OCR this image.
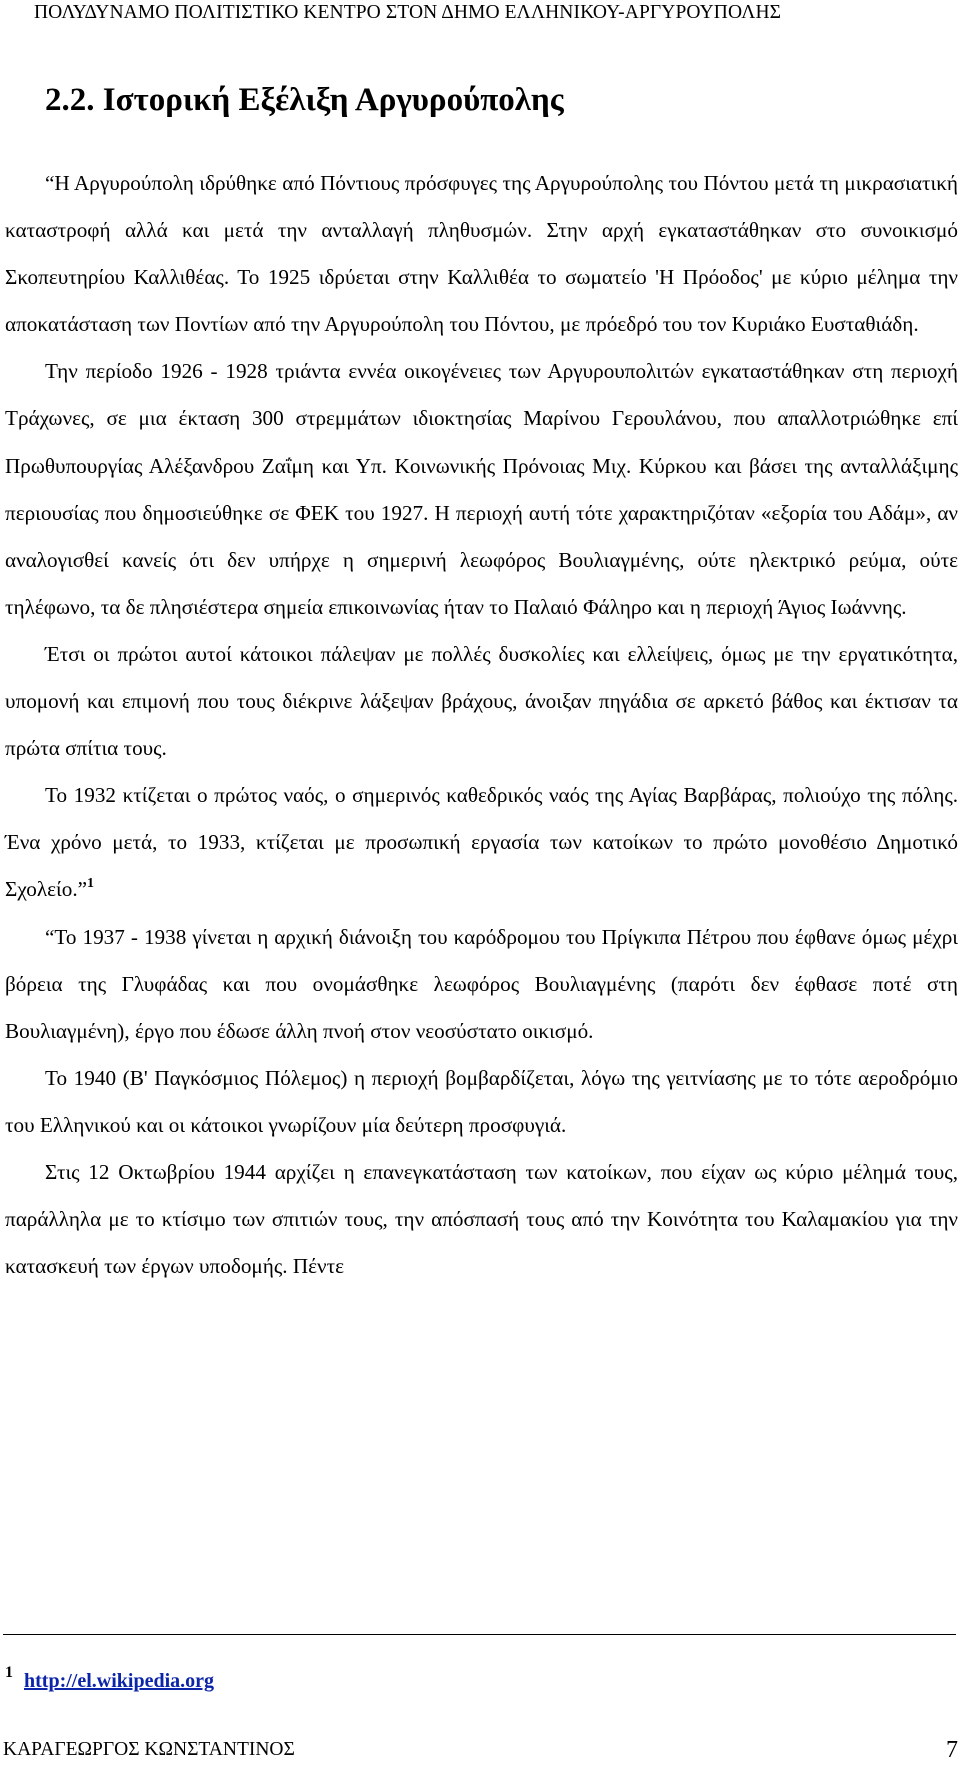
ΠΟΛΥΔΥΝΑΜΟ ΠΟΛΙΤΙΣΤΙΚΟ ΚΕΝΤΡΟ ΣΤΟΝ ΔΗΜΟ ΕΛΛΗΝΙΚΟΥ-ΑΡΓΥΡΟΥΠΟΛΗΣ
2.2. Ιστορική Εξέλιξη Αργυρούπολης

“Η Αργυρούπολη ιδρύθηκε από Πόντιους πρόσφυγες της Αργυρούπολης του Πόντου μετά τη μικρασιατική καταστροφή αλλά και μετά την ανταλλαγή πληθυσμών. Στην αρχή εγκαταστάθηκαν στο συνοικισμό Σκοπευτηρίου Καλλιθέας. Το 1925 ιδρύεται στην Καλλιθέα το σωματείο 'Η Πρόοδος' με κύριο μέλημα την αποκατάσταση των Ποντίων από την Αργυρούπολη του Πόντου, με πρόεδρό του τον Κυριάκο Ευσταθιάδη.

Την περίοδο 1926 - 1928 τριάντα εννέα οικογένειες των Αργυρουπολιτών εγκαταστάθηκαν στη περιοχή Τράχωνες, σε μια έκταση 300 στρεμμάτων ιδιοκτησίας Μαρίνου Γερουλάνου, που απαλλοτριώθηκε επί Πρωθυπουργίας Αλέξανδρου Ζαΐμη και Υπ. Κοινωνικής Πρόνοιας Μιχ. Κύρκου και βάσει της ανταλλάξιμης περιουσίας που δημοσιεύθηκε σε ΦΕΚ του 1927. Η περιοχή αυτή τότε χαρακτηριζόταν «εξορία του Αδάμ», αν αναλογισθεί κανείς ότι δεν υπήρχε η σημερινή λεωφόρος Βουλιαγμένης, ούτε ηλεκτρικό ρεύμα, ούτε τηλέφωνο, τα δε πλησιέστερα σημεία επικοινωνίας ήταν το Παλαιό Φάληρο και η περιοχή Άγιος Ιωάννης.

Έτσι οι πρώτοι αυτοί κάτοικοι πάλεψαν με πολλές δυσκολίες και ελλείψεις, όμως με την εργατικότητα, υπομονή και επιμονή που τους διέκρινε λάξεψαν βράχους, άνοιξαν πηγάδια σε αρκετό βάθος και έκτισαν τα πρώτα σπίτια τους.

Το 1932 κτίζεται ο πρώτος ναός, ο σημερινός καθεδρικός ναός της Αγίας Βαρβάρας, πολιούχο της πόλης. Ένα χρόνο μετά, το 1933, κτίζεται με προσωπική εργασία των κατοίκων το πρώτο μονοθέσιο Δημοτικό Σχολείο.”$^1$

“Το 1937 - 1938 γίνεται η αρχική διάνοιξη του καρόδρομου του Πρίγκιπα Πέτρου που έφθανε όμως μέχρι βόρεια της Γλυφάδας και που ονομάσθηκε λεωφόρος Βουλιαγμένης (παρότι δεν έφθασε ποτέ στη Βουλιαγμένη), έργο που έδωσε άλλη πνοή στον νεοσύστατο οικισμό.

Το 1940 (Β' Παγκόσμιος Πόλεμος) η περιοχή βομβαρδίζεται, λόγω της γειτνίασης με το τότε αεροδρόμιο του Ελληνικού και οι κάτοικοι γνωρίζουν μία δεύτερη προσφυγιά.

Στις 12 Οκτωβρίου 1944 αρχίζει η επανεγκατάσταση των κατοίκων, που είχαν ως κύριο μέλημά τους, παράλληλα με το κτίσιμο των σπιτιών τους, την απόσπασή τους από την Κοινότητα του Καλαμακίου για την κατασκευή των έργων υποδομής. Πέντε

$^1$ http://el.wikipedia.org
ΚΑΡΑΓΕΩΡΓΟΣ ΚΩΝΣΤΑΝΤΙΝΟΣ	7
